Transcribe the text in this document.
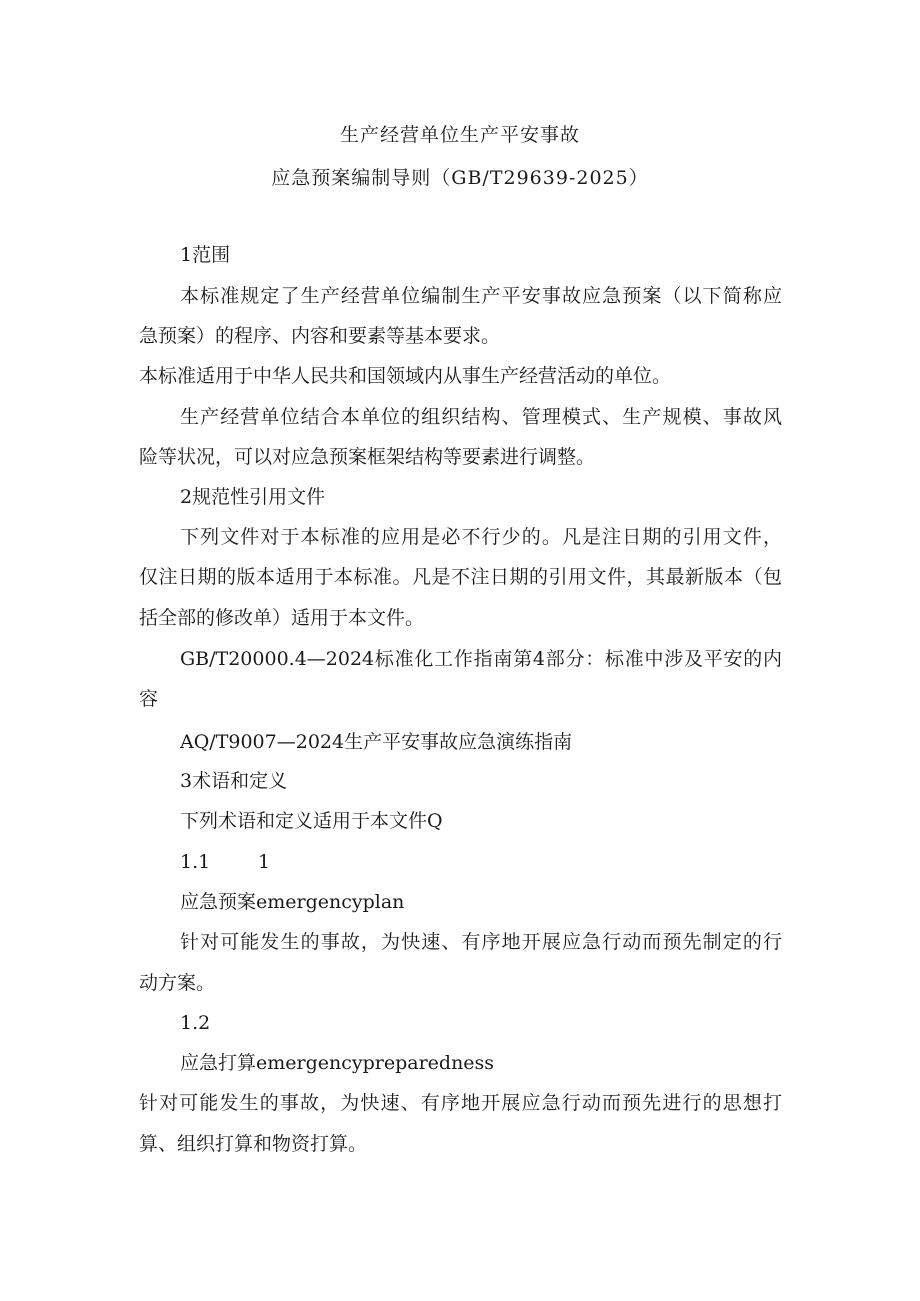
生产经营单位生产平安事故
应急预案编制导则（GB/T29639-2025）
1范围
本标准规定了生产经营单位编制生产平安事故应急预案（以下简称应
急预案）的程序、内容和要素等基本要求。
本标准适用于中华人民共和国领域内从事生产经营活动的单位。
生产经营单位结合本单位的组织结构、管理模式、生产规模、事故风
险等状况，可以对应急预案框架结构等要素进行调整。
2规范性引用文件
下列文件对于本标准的应用是必不行少的。凡是注日期的引用文件，
仅注日期的版本适用于本标准。凡是不注日期的引用文件，其最新版本（包
括全部的修改单）适用于本文件。
GB/T20000.4—2024标准化工作指南第4部分：标准中涉及平安的内
容
AQ/T9007—2024生产平安事故应急演练指南
3术语和定义
下列术语和定义适用于本文件Q
1.1	1
应急预案emergencyplan
针对可能发生的事故，为快速、有序地开展应急行动而预先制定的行
动方案。
1.2
应急打算emergencypreparedness
针对可能发生的事故，为快速、有序地开展应急行动而预先进行的思想打
算、组织打算和物资打算。
